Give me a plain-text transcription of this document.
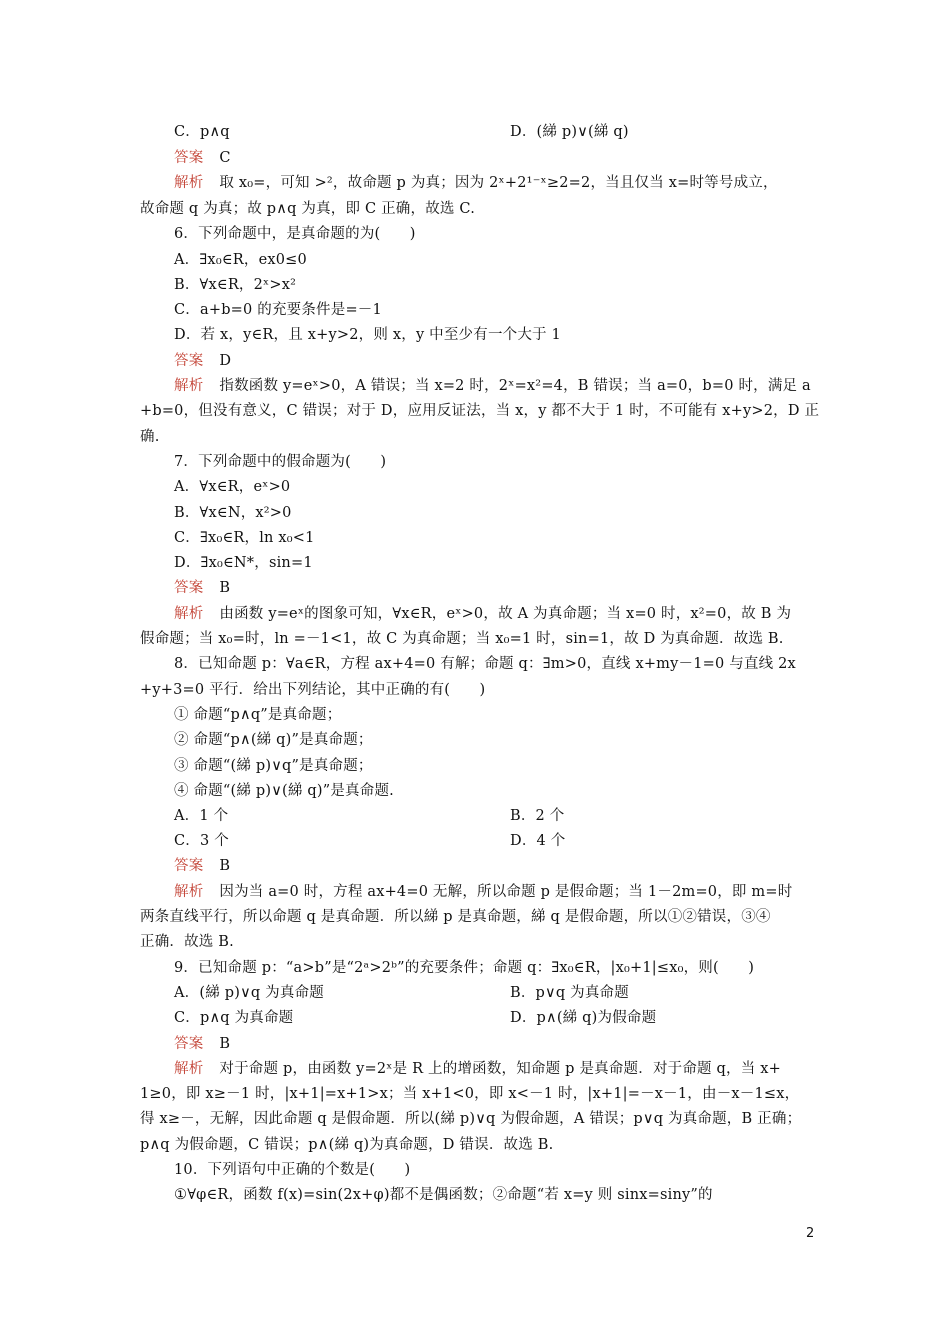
C．p∧q	D．(綈 p)∨(綈 q)
答案 C
解析 取 x₀=，可知 >²，故命题 p 为真；因为 2ˣ+2¹⁻ˣ≥2=2，当且仅当 x=时等号成立，
故命题 q 为真；故 p∧q 为真，即 C 正确，故选 C.
6．下列命题中，是真命题的为(　　)
A．∃x₀∈R，ex0≤0
B．∀x∈R，2ˣ>x²
C．a+b=0 的充要条件是=－1
D．若 x，y∈R，且 x+y>2，则 x，y 中至少有一个大于 1
答案 D
解析 指数函数 y=eˣ>0，A 错误；当 x=2 时，2ˣ=x²=4，B 错误；当 a=0，b=0 时，满足 a
+b=0，但没有意义，C 错误；对于 D，应用反证法，当 x，y 都不大于 1 时，不可能有 x+y>2，D 正
确.
7．下列命题中的假命题为(　　)
A．∀x∈R，eˣ>0
B．∀x∈N，x²>0
C．∃x₀∈R，ln x₀<1
D．∃x₀∈N*，sin=1
答案 B
解析 由函数 y=eˣ的图象可知，∀x∈R，eˣ>0，故 A 为真命题；当 x=0 时，x²=0，故 B 为
假命题；当 x₀=时，ln =－1<1，故 C 为真命题；当 x₀=1 时，sin=1，故 D 为真命题．故选 B.
8．已知命题 p：∀a∈R，方程 ax+4=0 有解；命题 q：∃m>0，直线 x+my－1=0 与直线 2x
+y+3=0 平行．给出下列结论，其中正确的有(　　)
① 命题“p∧q”是真命题；
② 命题“p∧(綈 q)”是真命题；
③ 命题“(綈 p)∨q”是真命题；
④ 命题“(綈 p)∨(綈 q)”是真命题.
A．1 个	B．2 个
C．3 个	D．4 个
答案 B
解析 因为当 a=0 时，方程 ax+4=0 无解，所以命题 p 是假命题；当 1－2m=0，即 m=时
两条直线平行，所以命题 q 是真命题．所以綈 p 是真命题，綈 q 是假命题，所以①②错误，③④
正确．故选 B.
9．已知命题 p：“a>b”是“2ᵃ>2ᵇ”的充要条件；命题 q：∃x₀∈R，|x₀+1|≤x₀，则(　　)
A．(綈 p)∨q 为真命题	B．p∨q 为真命题
C．p∧q 为真命题	D．p∧(綈 q)为假命题
答案 B
解析 对于命题 p，由函数 y=2ˣ是 R 上的增函数，知命题 p 是真命题．对于命题 q，当 x+
1≥0，即 x≥－1 时，|x+1|=x+1>x；当 x+1<0，即 x<－1 时，|x+1|=－x－1，由－x－1≤x，
得 x≥－，无解，因此命题 q 是假命题．所以(綈 p)∨q 为假命题，A 错误；p∨q 为真命题，B 正确；
p∧q 为假命题，C 错误；p∧(綈 q)为真命题，D 错误．故选 B.
10．下列语句中正确的个数是(　　)
①∀φ∈R，函数 f(x)=sin(2x+φ)都不是偶函数；②命题“若 x=y 则 sinx=siny”的
2
